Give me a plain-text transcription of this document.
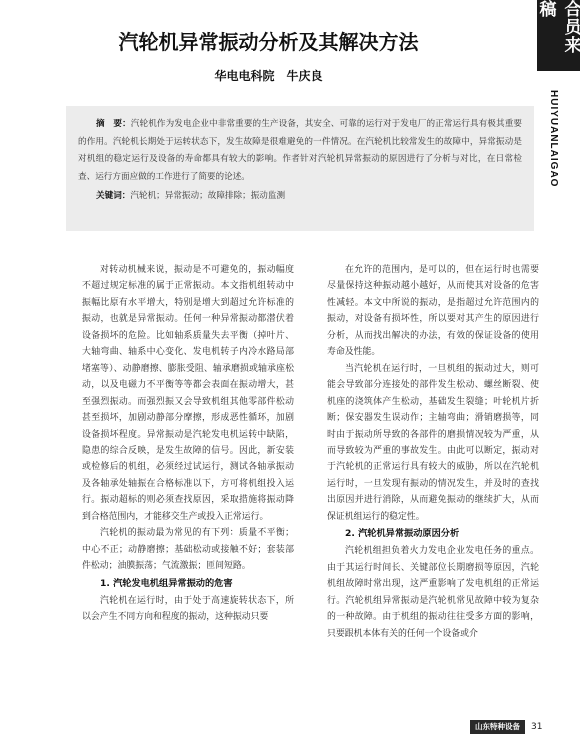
合员来稿
HUIYUANLAIGAO
汽轮机异常振动分析及其解决方法
华电电科院　牛庆良

摘　要：汽轮机作为发电企业中非常重要的生产设备，其安全、可靠的运行对于发电厂的正常运行具有极其重要的作用。汽轮机长期处于运转状态下，发生故障是很难避免的一件情况。在汽轮机比较常发生的故障中，异常振动是对机组的稳定运行及设备的寿命都具有较大的影响。作者针对汽轮机异常振动的原因进行了分析与对比，在日常检查、运行方面应做的工作进行了简要的论述。

关键词：汽轮机；异常振动；故障排除；振动监测

对转动机械来说，振动是不可避免的，振动幅度不超过规定标准的属于正常振动。本文指机组转动中振幅比原有水平增大，特别是增大到超过允许标准的振动，也就是异常振动。任何一种异常振动都潜伏着设备损坏的危险。比如轴系质量失去平衡（掉叶片、大轴弯曲、轴系中心变化、发电机转子内冷水路局部堵塞等）、动静磨擦、膨胀受阻、轴承磨损或轴承座松动，以及电磁力不平衡等等都会表面在振动增大，甚至强烈振动。而强烈振又会导致机组其他零部件松动甚至损坏，加剧动静部分摩擦，形成恶性循环，加剧设备损坏程度。异常振动是汽轮发电机运转中缺陷，隐患的综合反映，是发生故障的信号。因此，新安装或检修后的机组，必须经过试运行，测试各轴承振动及各轴承处轴振在合格标准以下，方可将机组投入运行。振动超标的则必须查找原因，采取措施将振动降到合格范围内，才能移交生产或投入正常运行。

汽轮机的振动最为常见的有下列：质量不平衡；中心不正；动静磨擦；基础松动或接触不好；套装部件松动；油膜振荡；气流激振；匝间短路。

1. 汽轮发电机组异常振动的危害

汽轮机在运行时，由于处于高速旋转状态下，所以会产生不同方向和程度的振动，这种振动只要

在允许的范围内，是可以的，但在运行时也需要尽量保持这种振动越小越好，从而使其对设备的危害性减轻。本文中所说的振动，是指超过允许范围内的振动，对设备有损坏性，所以要对其产生的原因进行分析，从而找出解决的办法，有效的保证设备的使用寿命及性能。

当汽轮机在运行时，一旦机组的振动过大，则可能会导致部分连接处的部件发生松动、螺丝断裂、使机座的浇筑体产生松动，基础发生裂缝；叶轮机片折断；保安器发生误动作；主轴弯曲；滑销磨损等，同时由于振动所导致的各部件的磨损情况较为严重，从而导致较为严重的事故发生。由此可以断定，振动对于汽轮机的正常运行具有较大的威胁，所以在汽轮机运行时，一旦发现有振动的情况发生，并及时的查找出原因并进行消除，从而避免振动的继续扩大，从而保证机组运行的稳定性。

2. 汽轮机异常振动原因分析

汽轮机组担负着火力发电企业发电任务的重点。由于其运行时间长、关键部位长期磨损等原因，汽轮机组故障时常出现，这严重影响了发电机组的正常运行。汽轮机组异常振动是汽轮机常见故障中较为复杂的一种故障。由于机组的振动往往受多方面的影响，只要跟机本体有关的任何一个设备或介

山东特种设备	31
